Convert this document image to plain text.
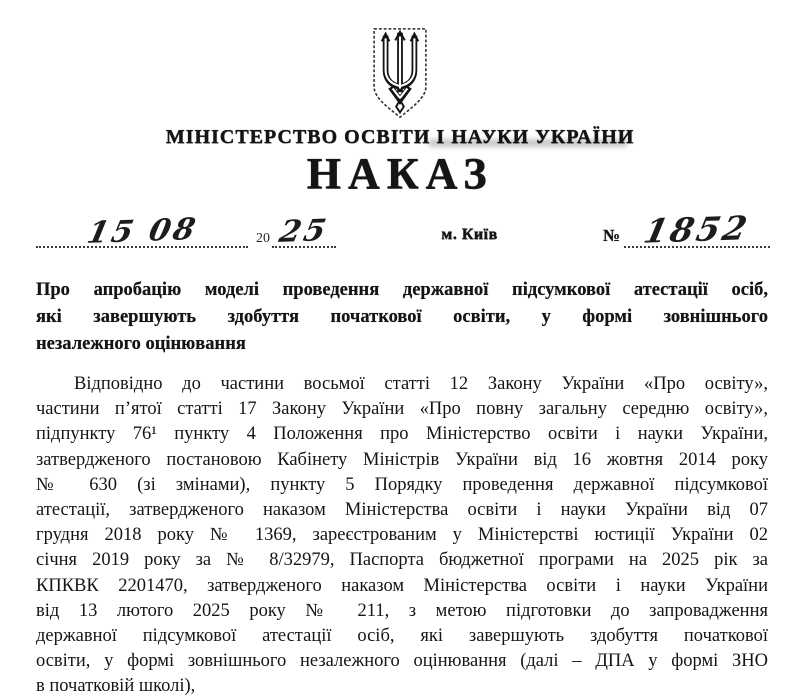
МІНІСТЕРСТВО ОСВІТИ І НАУКИ УКРАЇНИ
НАКАЗ
15 08	20 25	м. Київ	№ 1852
Про апробацію моделі проведення державної підсумкової атестації осіб,
які завершують здобуття початкової освіти, у формі зовнішнього
незалежного оцінювання
Відповідно до частини восьмої статті 12 Закону України «Про освіту»,
частини п’ятої статті 17 Закону України «Про повну загальну середню освіту»,
підпункту 76¹ пункту 4 Положення про Міністерство освіти і науки України,
затвердженого постановою Кабінету Міністрів України від 16 жовтня 2014 року
№ 630 (зі змінами), пункту 5 Порядку проведення державної підсумкової
атестації, затвердженого наказом Міністерства освіти і науки України від 07
грудня 2018 року № 1369, зареєстрованим у Міністерстві юстиції України 02
січня 2019 року за № 8/32979, Паспорта бюджетної програми на 2025 рік за
КПКВК 2201470, затвердженого наказом Міністерства освіти і науки України
від 13 лютого 2025 року № 211, з метою підготовки до запровадження
державної підсумкової атестації осіб, які завершують здобуття початкової
освіти, у формі зовнішнього незалежного оцінювання (далі – ДПА у формі ЗНО
в початковій школі),
